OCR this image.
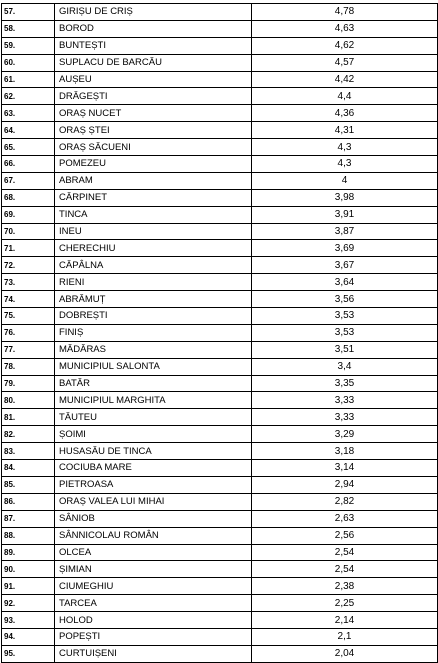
57.	GIRIȘU DE CRIȘ	4,78
58.	BOROD	4,63
59.	BUNTEȘTI	4,62
60.	SUPLACU DE BARCĂU	4,57
61.	AUȘEU	4,42
62.	DRĂGEȘTI	4,4
63.	ORAȘ NUCET	4,36
64.	ORAȘ ȘTEI	4,31
65.	ORAȘ SĂCUENI	4,3
66.	POMEZEU	4,3
67.	ABRAM	4
68.	CĂRPINET	3,98
69.	TINCA	3,91
70.	INEU	3,87
71.	CHERECHIU	3,69
72.	CĂPÂLNA	3,67
73.	RIENI	3,64
74.	ABRĂMUȚ	3,56
75.	DOBREȘTI	3,53
76.	FINIȘ	3,53
77.	MĂDĂRAS	3,51
78.	MUNICIPIUL SALONTA	3,4
79.	BATĂR	3,35
80.	MUNICIPIUL MARGHITA	3,33
81.	TĂUTEU	3,33
82.	ȘOIMI	3,29
83.	HUSASĂU DE TINCA	3,18
84.	COCIUBA MARE	3,14
85.	PIETROASA	2,94
86.	ORAȘ VALEA LUI MIHAI	2,82
87.	SÂNIOB	2,63
88.	SÂNNICOLAU ROMÂN	2,56
89.	OLCEA	2,54
90.	ȘIMIAN	2,54
91.	CIUMEGHIU	2,38
92.	TARCEA	2,25
93.	HOLOD	2,14
94.	POPEȘTI	2,1
95.	CURTUIȘENI	2,04
